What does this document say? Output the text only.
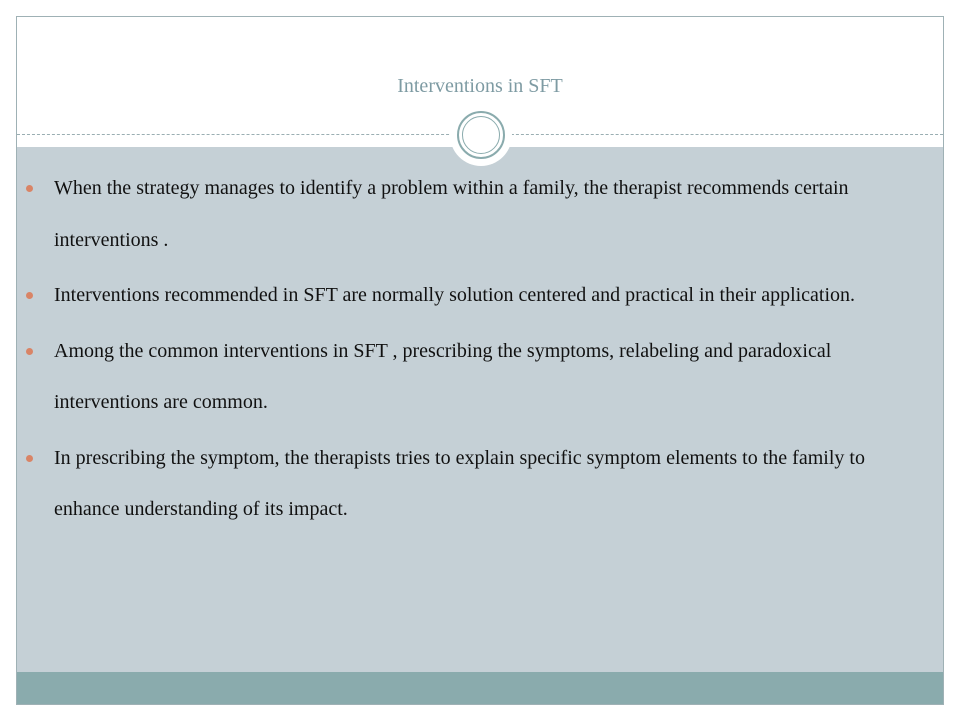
Interventions in SFT
When the strategy manages to identify a problem within a family, the therapist recommends certain interventions .
Interventions recommended in SFT are normally solution centered and practical in their application.
Among the common interventions in SFT , prescribing the symptoms, relabeling and paradoxical interventions are common.
In prescribing the symptom, the therapists tries to explain specific symptom elements to the family to enhance understanding of its impact.
